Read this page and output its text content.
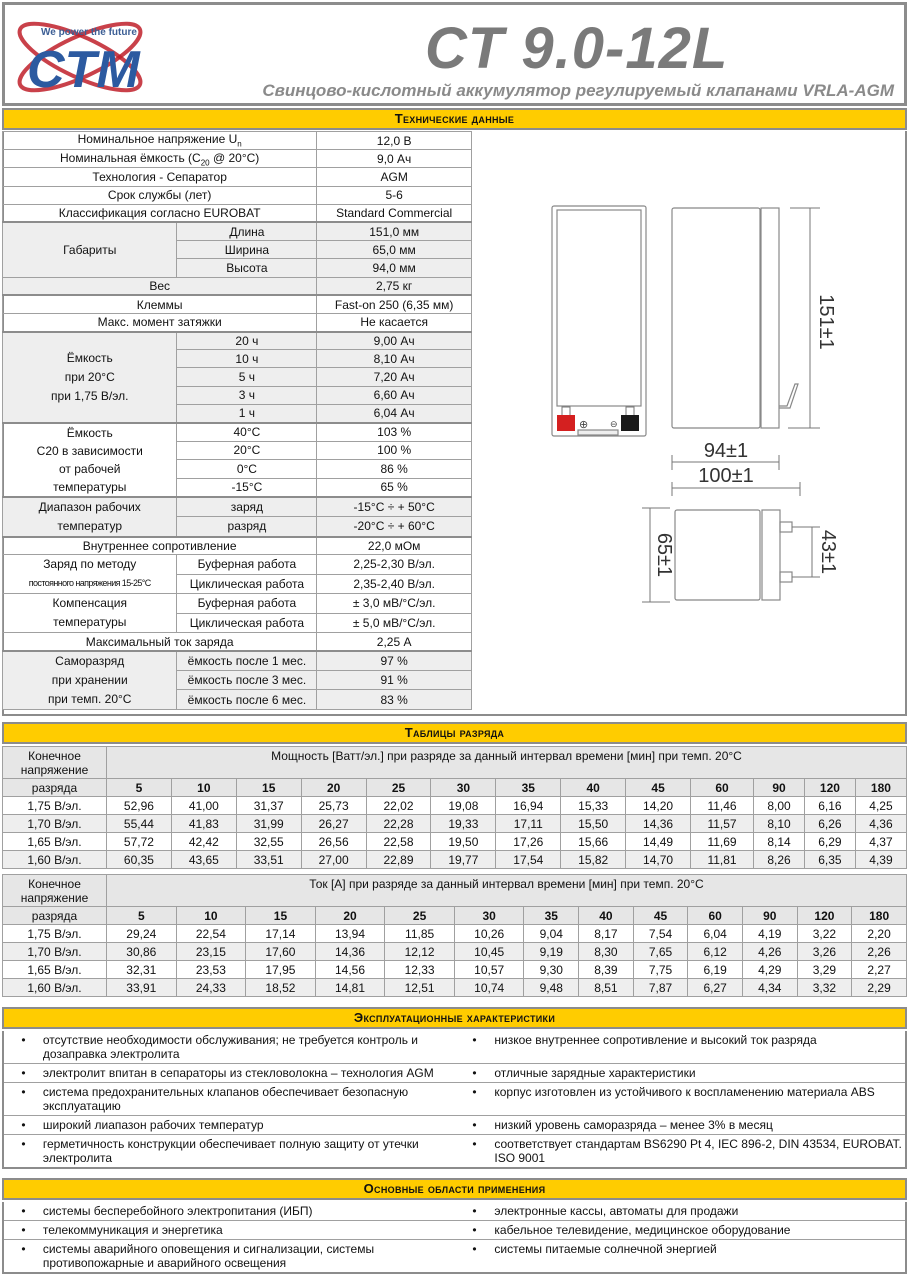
We power the future
CTM	CT 9.0-12L
Свинцово-кислотный аккумулятор регулируемый клапанами VRLA-AGM
Технические данные
Номинальное напряжение $U_n$		12,0 В
Номинальная ёмкость ($C_{20}$ @ 20°C)		9,0 Ач
Технология - Сепаратор		AGM
Срок службы (лет)		5-6
Классификация согласно EUROBAT		Standard Commercial
Габариты	Длина	151,0 мм
	Ширина	65,0 мм
	Высота	94,0 мм
Вес		2,75 кг
Клеммы		Fast-on 250 (6,35 мм)
Макс. момент затяжки		Не касается

Ёмкость
при 20°C
при 1,75 В/эл.	20 ч	9,00 Ач
	10 ч	8,10 Ач
	5 ч	7,20 Ач
	3 ч	6,60 Ач
	1 ч	6,04 Ач

Ёмкость
C20 в зависимости
от рабочей
температуры	40°C	103 %
	20°C	100 %
	0°C	86 %
	-15°C	65 %

Диапазон рабочих
температур	заряд	-15°C ÷ + 50°C
	разряд	-20°C ÷ + 60°C
Внутреннее сопротивление		22,0 мОм

Заряд по методу
постоянного напряжения 15-25°C	Буферная работа	2,25-2,30 В/эл.
	Циклическая работа	2,35-2,40 В/эл.

Компенсация
температуры	Буферная работа	± 3,0 мВ/°C/эл.
	Циклическая работа	± 5,0 мВ/°C/эл.
Максимальный ток заряда		2,25 А

Саморазряд
при хранении
при темп. 20°C	ёмкость после 1 мес.	97 %
	ёмкость после 3 мес.	91 %
	ёмкость после 6 мес.	83 %
⊕ ⊖
151±1
94±1
100±1
65±1	43±1
Таблицы разряда
Конечное
напряжение	Мощность [Ватт/эл.] при разряде за данный интервал времени [мин] при темп. 20°C												
разряда	5	10	15	20	25	30	35	40	45	60	90	120	180
1,75 В/эл.	52,96	41,00	31,37	25,73	22,02	19,08	16,94	15,33	14,20	11,46	8,00	6,16	4,25
1,70 В/эл.	55,44	41,83	31,99	26,27	22,28	19,33	17,11	15,50	14,36	11,57	8,10	6,26	4,36
1,65 В/эл.	57,72	42,42	32,55	26,56	22,58	19,50	17,26	15,66	14,49	11,69	8,14	6,29	4,37
1,60 В/эл.	60,35	43,65	33,51	27,00	22,89	19,77	17,54	15,82	14,70	11,81	8,26	6,35	4,39
Конечное
напряжение	Ток [А] при разряде за данный интервал времени [мин] при темп. 20°C												
разряда	5	10	15	20	25	30	35	40	45	60	90	120	180
1,75 В/эл.	29,24	22,54	17,14	13,94	11,85	10,26	9,04	8,17	7,54	6,04	4,19	3,22	2,20
1,70 В/эл.	30,86	23,15	17,60	14,36	12,12	10,45	9,19	8,30	7,65	6,12	4,26	3,26	2,26
1,65 В/эл.	32,31	23,53	17,95	14,56	12,33	10,57	9,30	8,39	7,75	6,19	4,29	3,29	2,27
1,60 В/эл.	33,91	24,33	18,52	14,81	12,51	10,74	9,48	8,51	7,87	6,27	4,34	3,32	2,29
Эксплуатационные характеристики
•	отсутствие необходимости обслуживания; не требуется контроль и дозаправка электролита	•	низкое внутреннее сопротивление и высокий ток разряда
•	электролит впитан в сепараторы из стекловолокна – технология AGM	•	отличные зарядные характеристики
•	система предохранительных клапанов обеспечивает безопасную эксплуатацию	•	корпус изготовлен из устойчивого к воспламенению материала ABS
•	широкий лиапазон рабочих температур	•	низкий уровень саморазряда – менее 3% в месяц
•	герметичность конструкции обеспечивает полную защиту от утечки электролита	•	соответствует стандартам BS6290 Pt 4, IEC 896-2, DIN 43534, EUROBAT. ISO 9001
Основные области применения
•	системы бесперебойного электропитания (ИБП)	•	электронные кассы, автоматы для продажи
•	телекоммуникация и энергетика	•	кабельное телевидение, медицинское оборудование
•	системы аварийного оповещения и сигнализации, системы противопожарные и аварийного освещения	•	системы питаемые солнечной энергией
